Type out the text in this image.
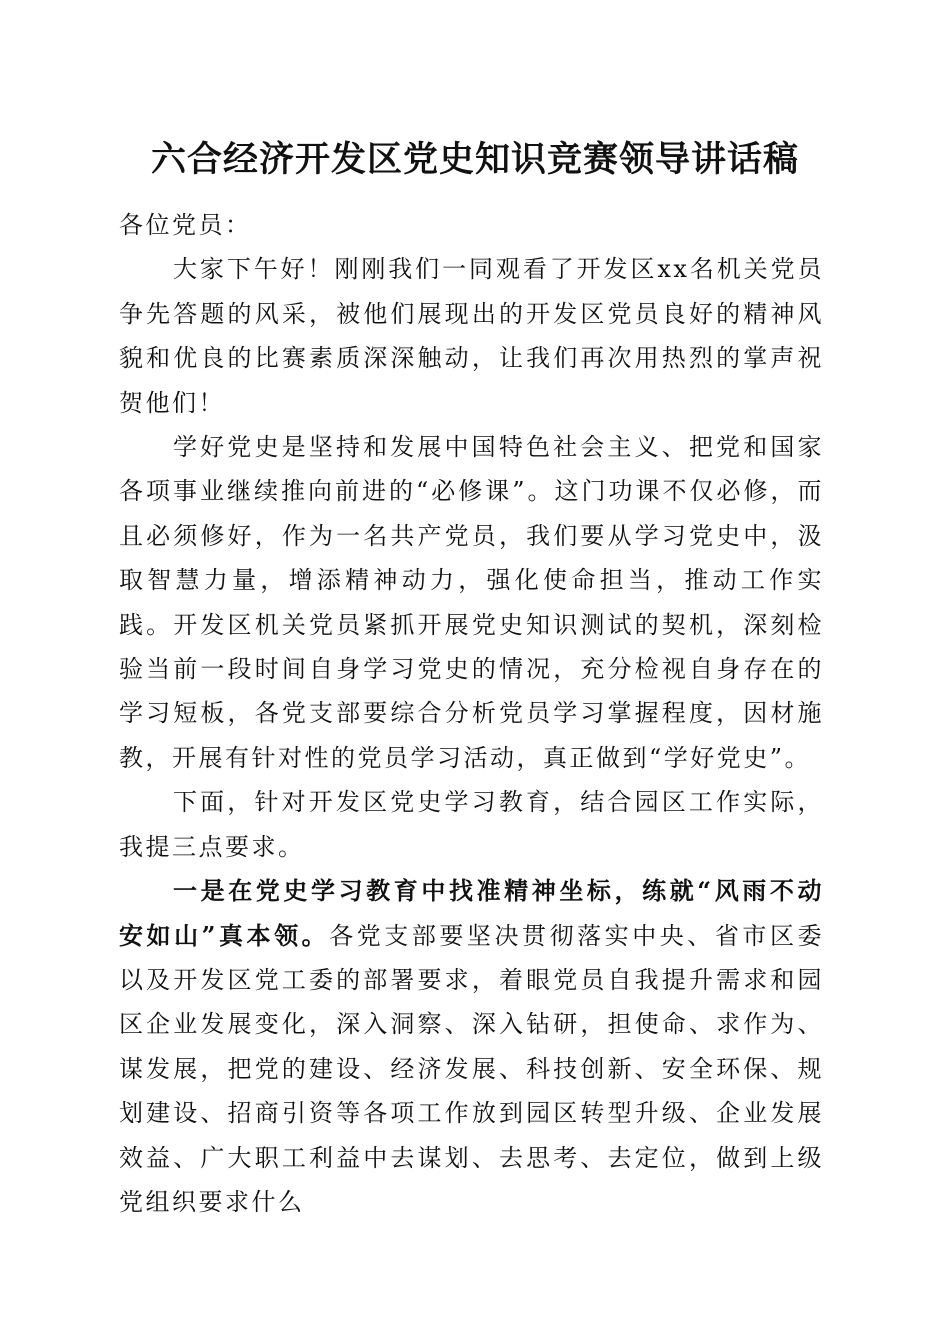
六合经济开发区党史知识竞赛领导讲话稿

各位党员：

大家下午好！刚刚我们一同观看了开发区xx名机关党员争先答题的风采，被他们展现出的开发区党员良好的精神风貌和优良的比赛素质深深触动，让我们再次用热烈的掌声祝贺他们！

学好党史是坚持和发展中国特色社会主义、把党和国家各项事业继续推向前进的“必修课”。这门功课不仅必修，而且必须修好，作为一名共产党员，我们要从学习党史中，汲取智慧力量，增添精神动力，强化使命担当，推动工作实践。开发区机关党员紧抓开展党史知识测试的契机，深刻检验当前一段时间自身学习党史的情况，充分检视自身存在的学习短板，各党支部要综合分析党员学习掌握程度，因材施教，开展有针对性的党员学习活动，真正做到“学好党史”。

下面，针对开发区党史学习教育，结合园区工作实际，我提三点要求。

一是在党史学习教育中找准精神坐标，练就“风雨不动安如山”真本领。各党支部要坚决贯彻落实中央、省市区委以及开发区党工委的部署要求，着眼党员自我提升需求和园区企业发展变化，深入洞察、深入钻研，担使命、求作为、谋发展，把党的建设、经济发展、科技创新、安全环保、规划建设、招商引资等各项工作放到园区转型升级、企业发展效益、广大职工利益中去谋划、去思考、去定位，做到上级党组织要求什么
